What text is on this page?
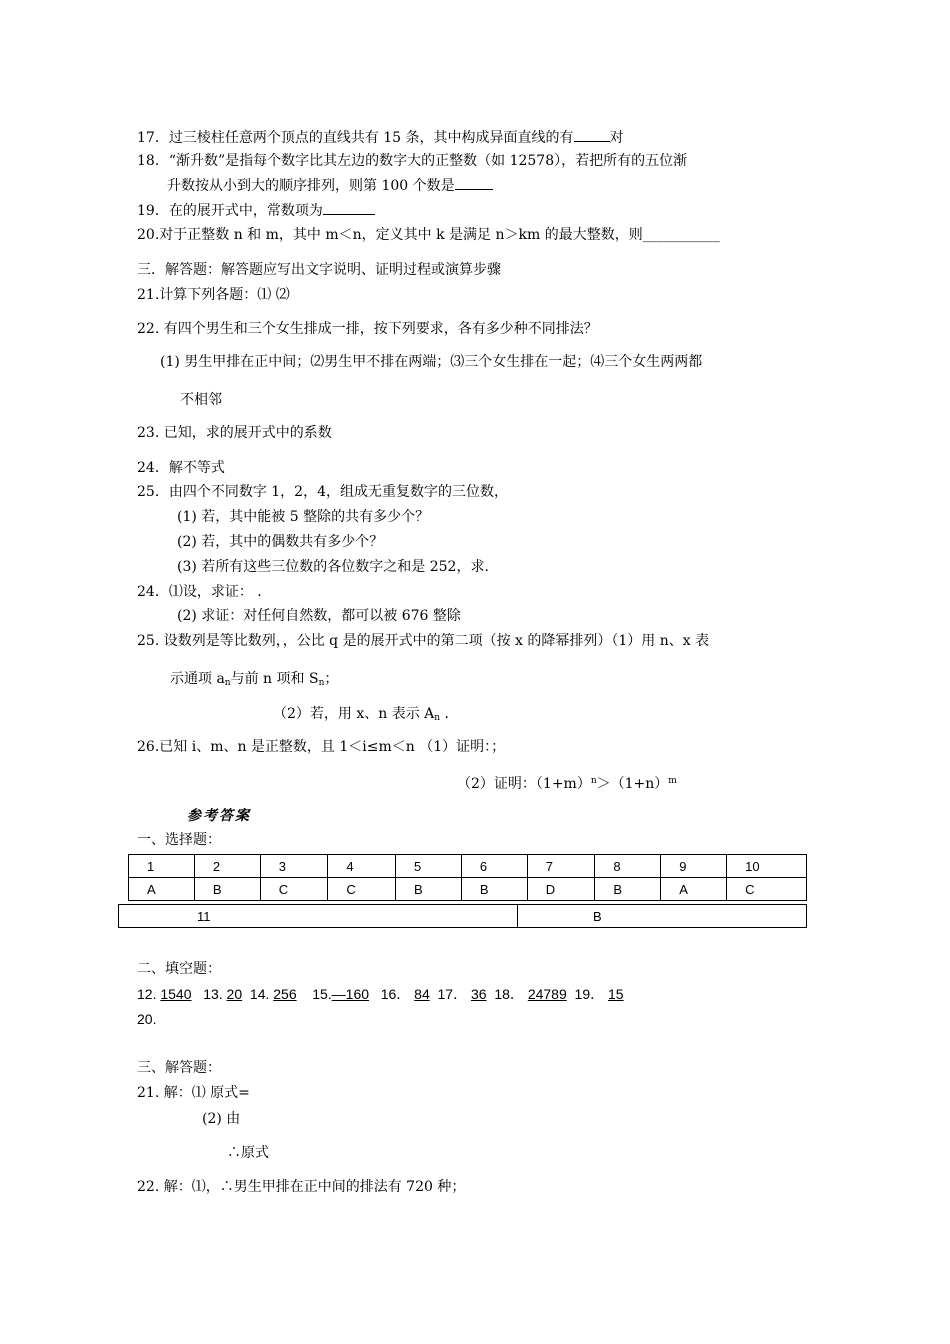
17．过三棱柱任意两个顶点的直线共有 15 条，其中构成异面直线的有	对
18．“渐升数”是指每个数字比其左边的数字大的正整数（如 12578），若把所有的五位渐
升数按从小到大的顺序排列，则第 100 个数是
19．在的展开式中，常数项为
20.对于正整数 n 和 m，其中 m＜n，定义其中 k 是满足 n＞km 的最大整数，则___________
三．解答题：解答题应写出文字说明、证明过程或演算步骤
21.计算下列各题：⑴ ⑵
22. 有四个男生和三个女生排成一排，按下列要求，各有多少种不同排法？
(1) 男生甲排在正中间；⑵男生甲不排在两端；⑶三个女生排在一起；⑷三个女生两两都
不相邻
23. 已知，求的展开式中的系数
24．解不等式
25．由四个不同数字 1，2，4，组成无重复数字的三位数，
(1) 若，其中能被 5 整除的共有多少个？
(2) 若，其中的偶数共有多少个？
(3) 若所有这些三位数的各位数字之和是 252，求.
24．⑴设，求证： .
(2) 求证：对任何自然数，都可以被 676 整除
25. 设数列是等比数列，，公比 q 是的展开式中的第二项（按 x 的降幂排列）（1）用 n、x 表
示通项 $a_n$与前 n 项和 $S_n$；
（2）若，用 x、n 表示 $A_n$ .
26.已知 i、m、n 是正整数，且 1＜i≤m＜n （1）证明：；
（2）证明：$(1+m)^n>(1+n)^m$
参考答案
一、选择题：
1	2	3	4	5	6	7	8	9	10
A	B	C	C	B	B	D	B	A	C
11	B
二、填空题：
12. 1540 13. 20 14. 256 15.—160 16． 84 17． 36 18． 24789 19． 15
20.
三、解答题：
21. 解：⑴ 原式=
(2) 由
∴原式
22. 解：⑴，∴男生甲排在正中间的排法有 720 种；
